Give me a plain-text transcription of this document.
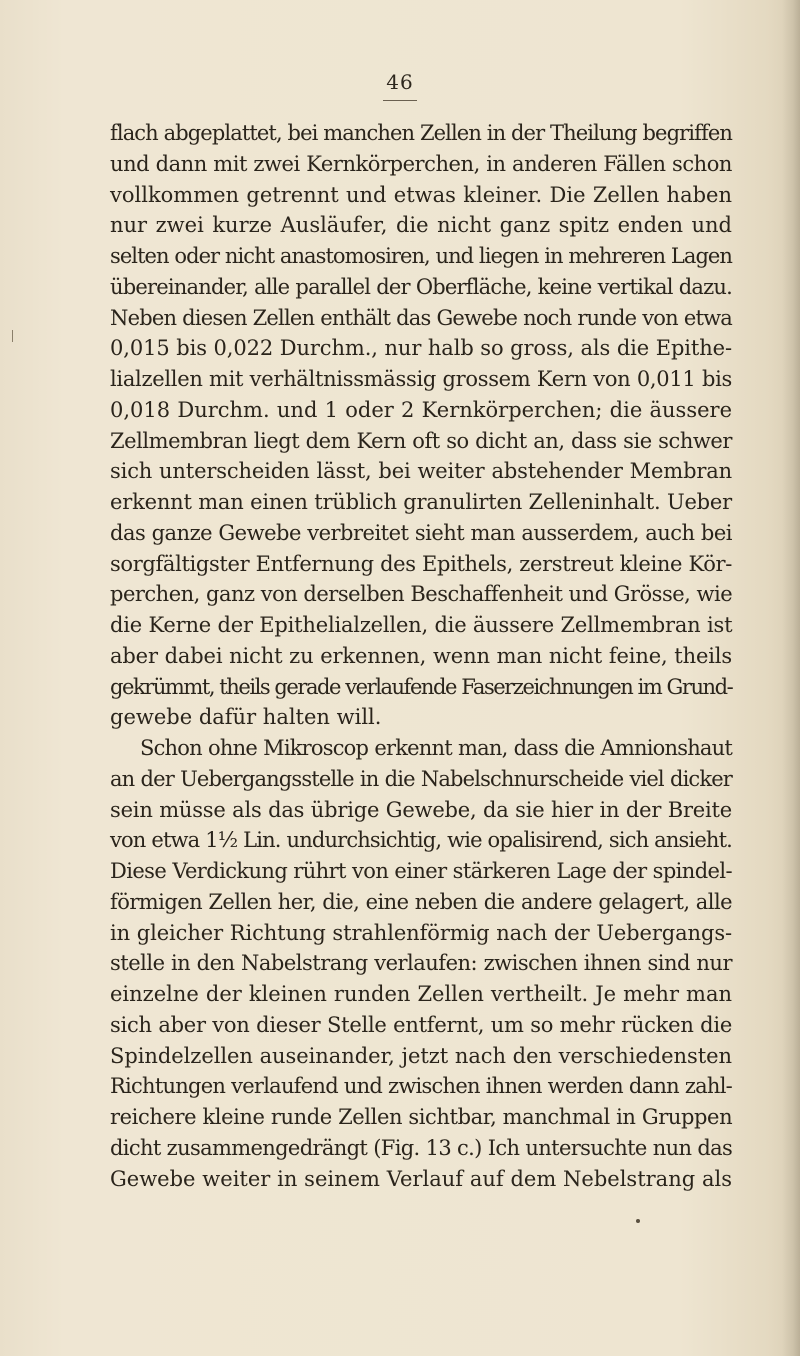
46
flach abgeplattet, bei manchen Zellen in der Theilung begriffen
und dann mit zwei Kernkörperchen, in anderen Fällen schon
vollkommen getrennt und etwas kleiner. Die Zellen haben
nur zwei kurze Ausläufer, die nicht ganz spitz enden und
selten oder nicht anastomosiren, und liegen in mehreren Lagen
übereinander, alle parallel der Oberfläche, keine vertikal dazu.
Neben diesen Zellen enthält das Gewebe noch runde von etwa
0,015 bis 0,022 Durchm., nur halb so gross, als die Epithe-
lialzellen mit verhältnissmässig grossem Kern von 0,011 bis
0,018 Durchm. und 1 oder 2 Kernkörperchen; die äussere
Zellmembran liegt dem Kern oft so dicht an, dass sie schwer
sich unterscheiden lässt, bei weiter abstehender Membran
erkennt man einen trüblich granulirten Zelleninhalt. Ueber
das ganze Gewebe verbreitet sieht man ausserdem, auch bei
sorgfältigster Entfernung des Epithels, zerstreut kleine Kör-
perchen, ganz von derselben Beschaffenheit und Grösse, wie
die Kerne der Epithelialzellen, die äussere Zellmembran ist
aber dabei nicht zu erkennen, wenn man nicht feine, theils
gekrümmt, theils gerade verlaufende Faserzeichnungen im Grund-
gewebe dafür halten will.
Schon ohne Mikroscop erkennt man, dass die Amnionshaut
an der Uebergangsstelle in die Nabelschnurscheide viel dicker
sein müsse als das übrige Gewebe, da sie hier in der Breite
von etwa 1½ Lin. undurchsichtig, wie opalisirend, sich ansieht.
Diese Verdickung rührt von einer stärkeren Lage der spindel-
förmigen Zellen her, die, eine neben die andere gelagert, alle
in gleicher Richtung strahlenförmig nach der Uebergangs-
stelle in den Nabelstrang verlaufen: zwischen ihnen sind nur
einzelne der kleinen runden Zellen vertheilt. Je mehr man
sich aber von dieser Stelle entfernt, um so mehr rücken die
Spindelzellen auseinander, jetzt nach den verschiedensten
Richtungen verlaufend und zwischen ihnen werden dann zahl-
reichere kleine runde Zellen sichtbar, manchmal in Gruppen
dicht zusammengedrängt (Fig. 13 c.) Ich untersuchte nun das
Gewebe weiter in seinem Verlauf auf dem Nebelstrang als
